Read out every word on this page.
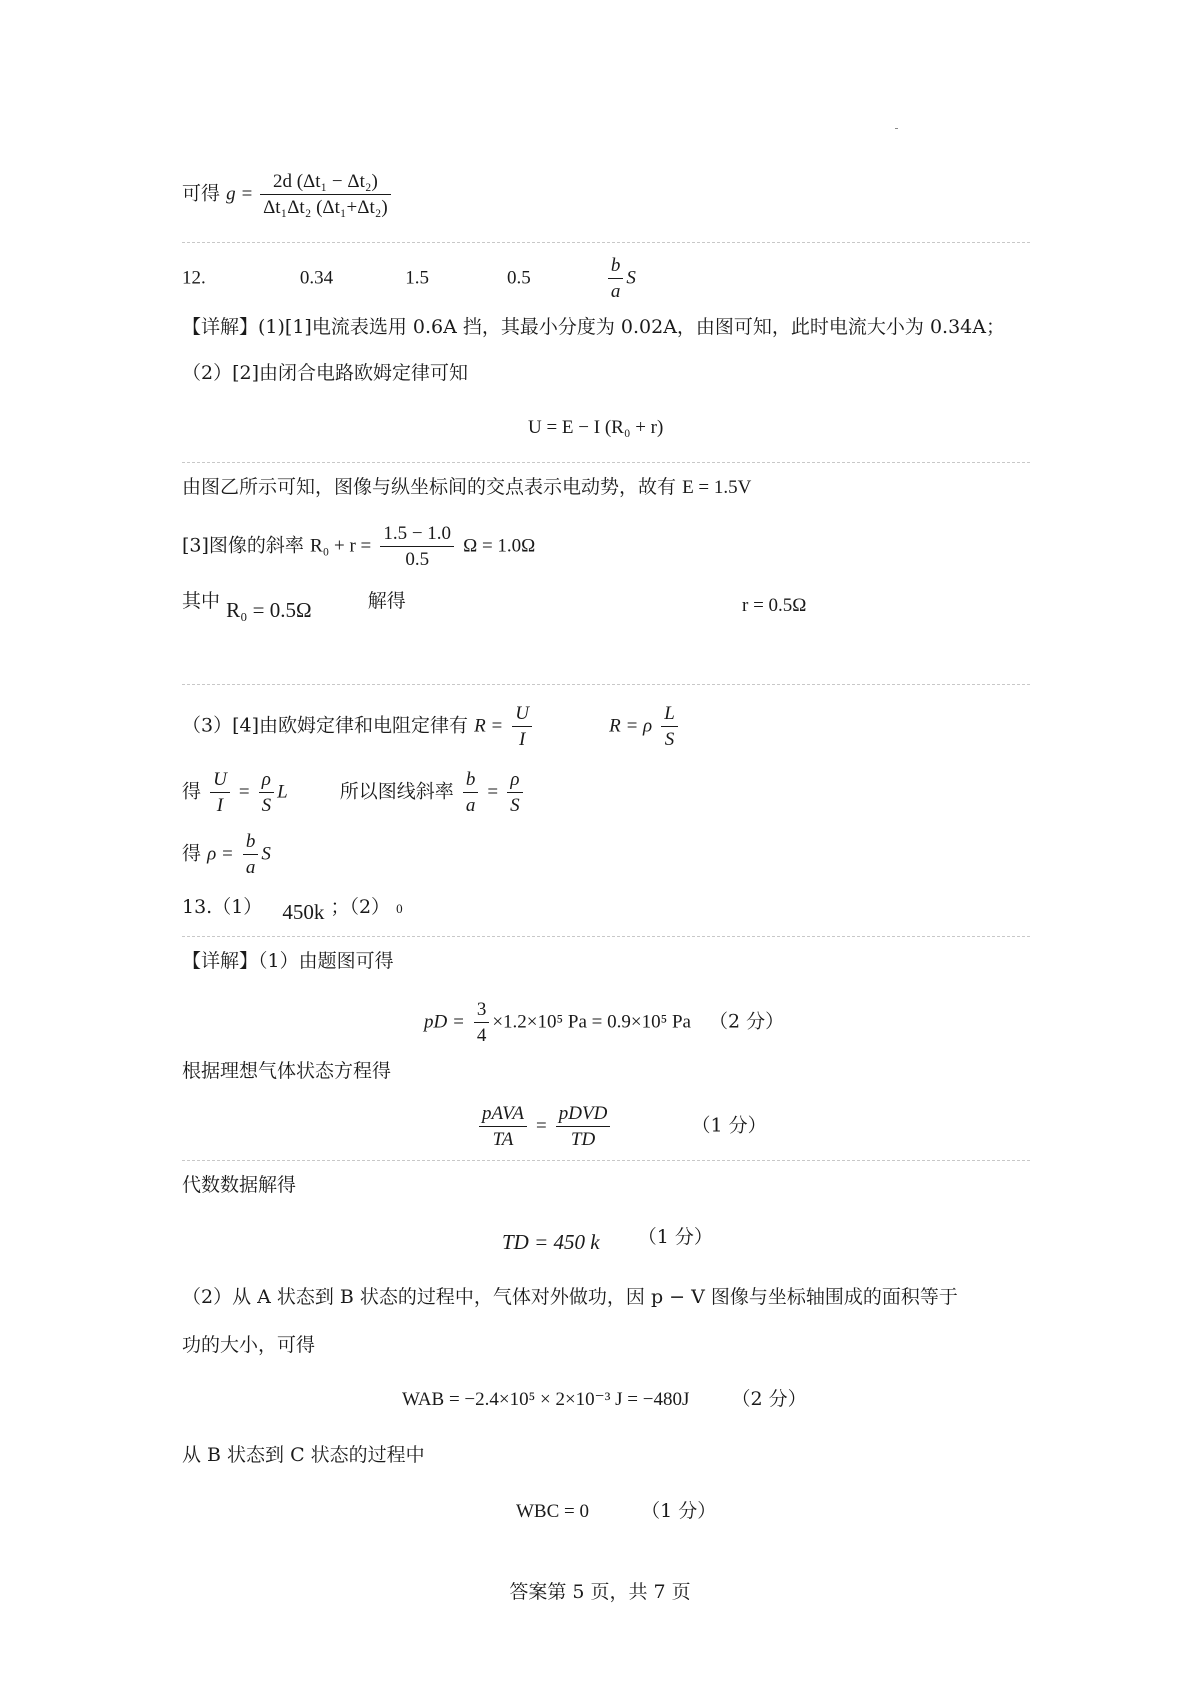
可得 $g = \frac{\text{2d (Δt₁ − Δt₂)}}{\text{Δt₁Δt₂ (Δt₁+Δt₂)}}$
12.	0.34	1.5	0.5	$\frac{b}{a}$ S
【详解】(1)[1]电流表选用 0.6A 挡，其最小分度为 0.02A，由图可知，此时电流大小为 0.34A；
（2）[2]由闭合电路欧姆定律可知
U = E − I (R₀ + r)
由图乙所示可知，图像与纵坐标间的交点表示电动势，故有 E = 1.5V
[3]图像的斜率 $R_0 + r = \frac{1.5 - 1.0}{0.5}$ Ω = 1.0Ω
其中 R₀ = 0.5Ω	解得	r = 0.5Ω
（3）[4]由欧姆定律和电阻定律有 $R = \frac{U}{I}$	R = ρ $\frac{L}{S}$
得 $\frac{U}{I} = \frac{\rho}{S}$ L	所以图线斜率 $\frac{b}{a} = \frac{\rho}{S}$
得 $\rho = \frac{b}{a}$ S
13.（1） 450k ；（2） 0
【详解】（1）由题图可得
pD = $\frac{3}{4} \times 1.2\times 10^5$ Pa = 0.9×10⁵ Pa （2 分）
根据理想气体状态方程得
$\frac{\text{pAVA}}{TA} = \frac{\text{pDVD}}{TD}$	（1 分）
代数数据解得
TD = 450 k （1 分）
（2）从 A 状态到 B 状态的过程中，气体对外做功，因 p − V 图像与坐标轴围成的面积等于
功的大小，可得
WAB = −2.4×10⁵ × 2×10⁻³ J = −480J （2 分）
从 B 状态到 C 状态的过程中
WBC = 0	（1 分）
答案第 5 页，共 7 页
